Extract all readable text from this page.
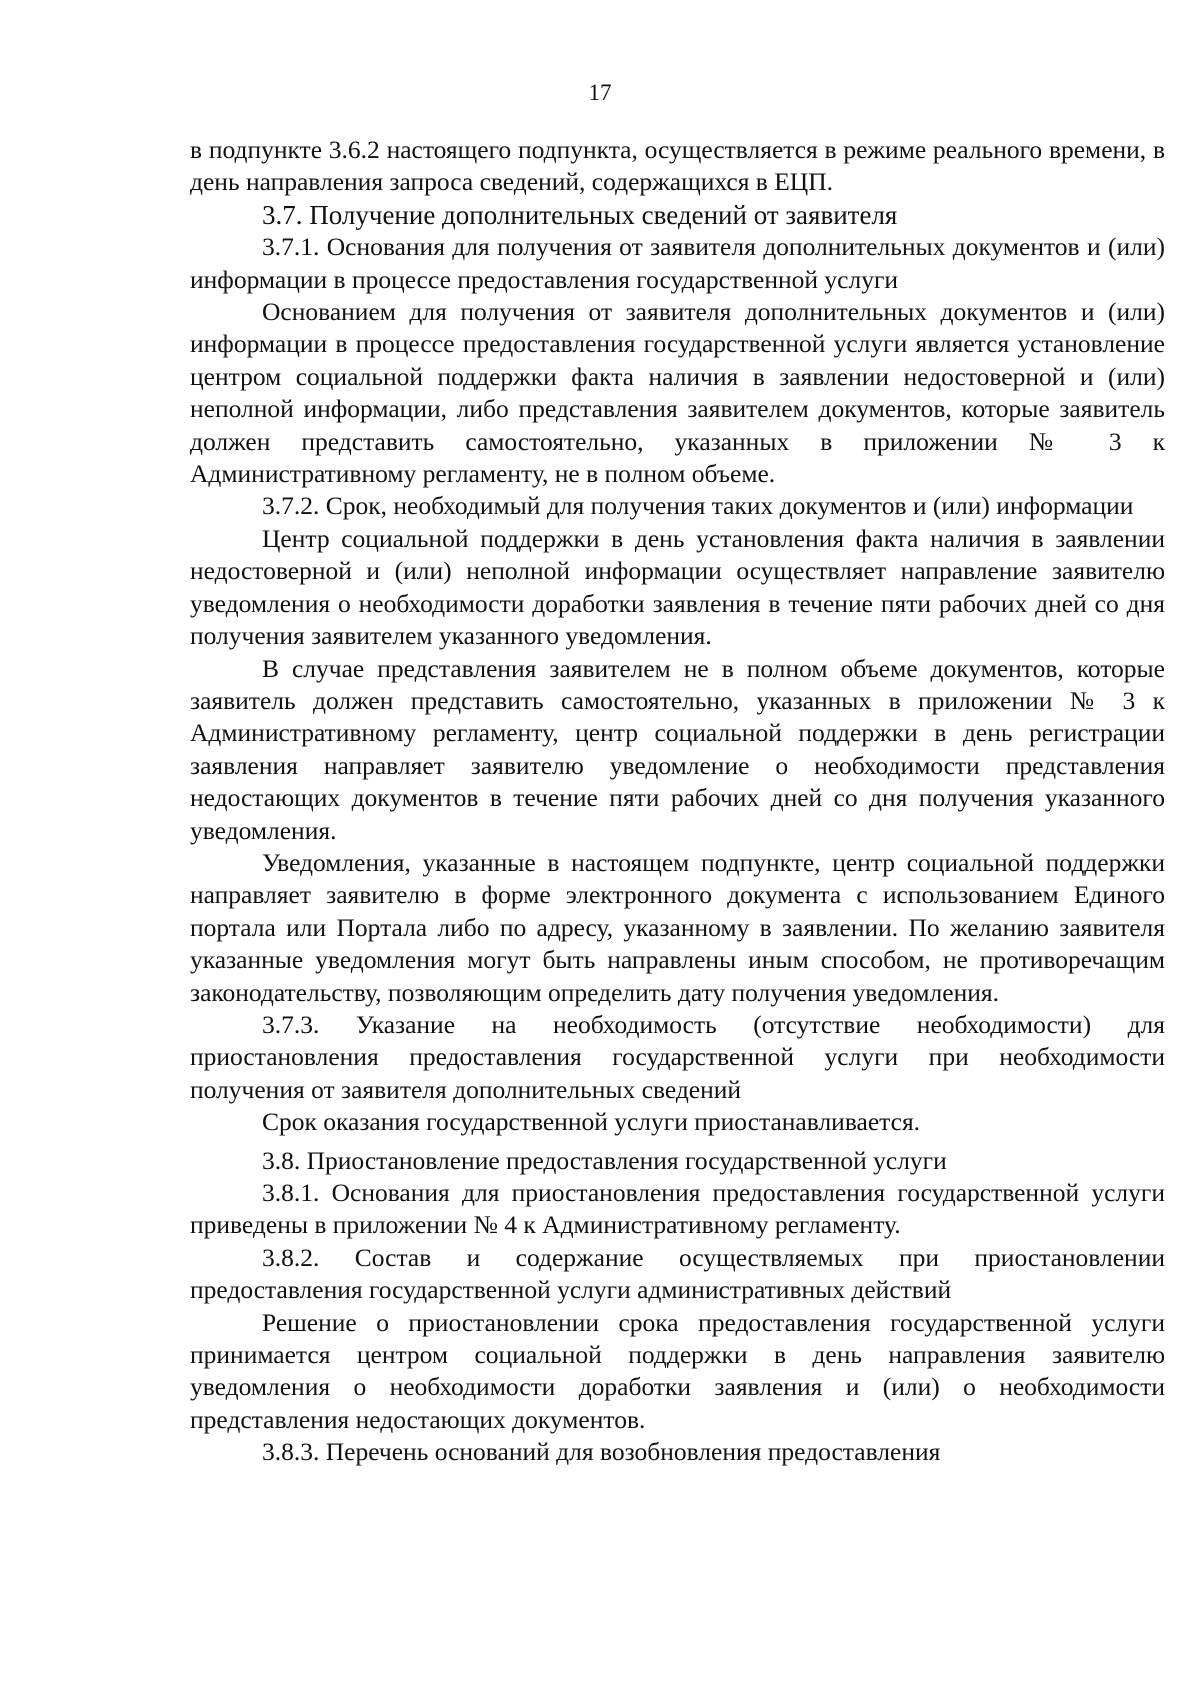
17

в подпункте 3.6.2 настоящего подпункта, осуществляется в режиме реального времени, в день направления запроса сведений, содержащихся в ЕЦП.

3.7. Получение дополнительных сведений от заявителя

3.7.1. Основания для получения от заявителя дополнительных документов и (или) информации в процессе предоставления государственной услуги

Основанием для получения от заявителя дополнительных документов и (или) информации в процессе предоставления государственной услуги является установление центром социальной поддержки факта наличия в заявлении недостоверной и (или) неполной информации, либо представления заявителем документов, которые заявитель должен представить самостоятельно, указанных в приложении № 3 к Административному регламенту, не в полном объеме.

3.7.2. Срок, необходимый для получения таких документов и (или) информации

Центр социальной поддержки в день установления факта наличия в заявлении недостоверной и (или) неполной информации осуществляет направление заявителю уведомления о необходимости доработки заявления в течение пяти рабочих дней со дня получения заявителем указанного уведомления.

В случае представления заявителем не в полном объеме документов, которые заявитель должен представить самостоятельно, указанных в приложении № 3 к Административному регламенту, центр социальной поддержки в день регистрации заявления направляет заявителю уведомление о необходимости представления недостающих документов в течение пяти рабочих дней со дня получения указанного уведомления.

Уведомления, указанные в настоящем подпункте, центр социальной поддержки направляет заявителю в форме электронного документа с использованием Единого портала или Портала либо по адресу, указанному в заявлении. По желанию заявителя указанные уведомления могут быть направлены иным способом, не противоречащим законодательству, позволяющим определить дату получения уведомления.

3.7.3. Указание на необходимость (отсутствие необходимости) для приостановления предоставления государственной услуги при необходимости получения от заявителя дополнительных сведений

Срок оказания государственной услуги приостанавливается.

3.8. Приостановление предоставления государственной услуги

3.8.1. Основания для приостановления предоставления государственной услуги приведены в приложении № 4 к Административному регламенту.

3.8.2. Состав и содержание осуществляемых при приостановлении предоставления государственной услуги административных действий

Решение о приостановлении срока предоставления государственной услуги принимается центром социальной поддержки в день направления заявителю уведомления о необходимости доработки заявления и (или) о необходимости представления недостающих документов.

3.8.3. Перечень оснований для возобновления предоставления
